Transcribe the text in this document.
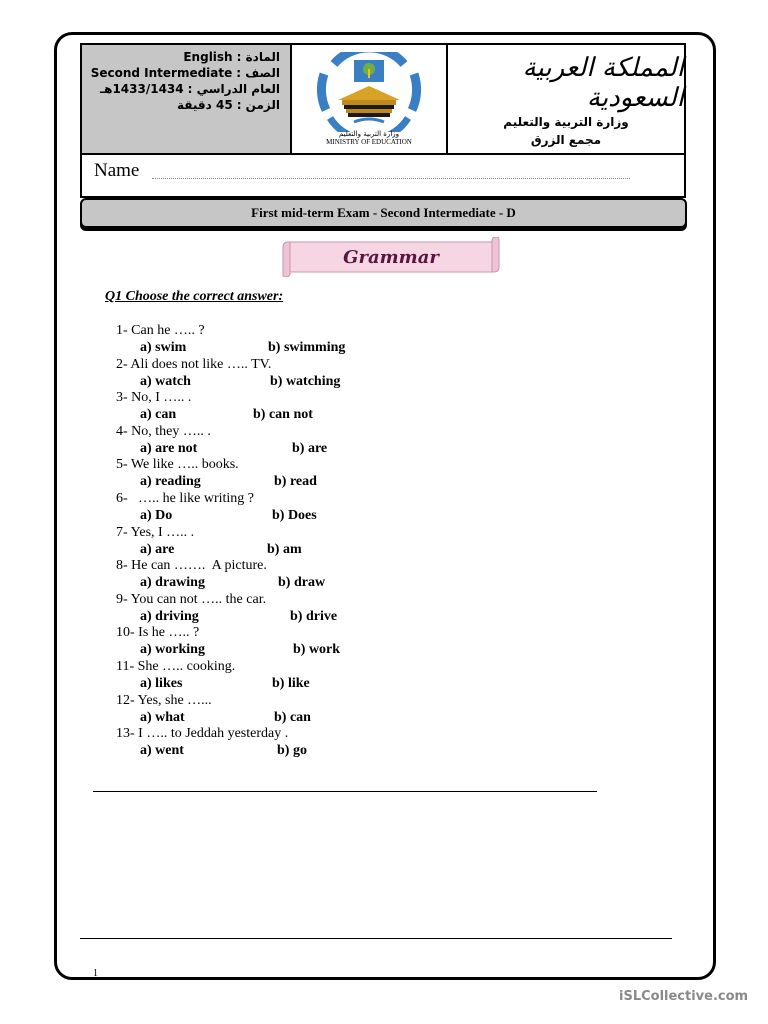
English المادة :
Second Intermediate الصف :
العام الدراسي :
1433/1434هـ
الزمن :
45 دقيقة
وزارة التربية والتعليم
MINISTRY OF EDUCATION
المملكة العربية السعودية
وزارة التربية والتعليم
مجمع الزرق
Name
First mid-term Exam - Second Intermediate - D
Grammar
Q1 Choose the correct answer:
1- Can he ….. ?
a) swim	b) swimming
2- Ali does not like ….. TV.
a) watch	b) watching
3- No, I ….. .
a) can	b) can not
4- No, they ….. .
a) are not	b) are
5- We like ….. books.
a) reading	b) read
6-   ….. he like writing ?
a) Do	b) Does
7- Yes, I ….. .
a) are	b) am
8- He can …….  A picture.
a) drawing	b) draw
9- You can not ….. the car.
a) driving	b) drive
10- Is he ….. ?
a) working	b) work
11- She ….. cooking.
a) likes	b) like
12- Yes, she …...
a) what	b) can
13- I ….. to Jeddah yesterday .
a) went	b) go
1
iSLCollective.com
